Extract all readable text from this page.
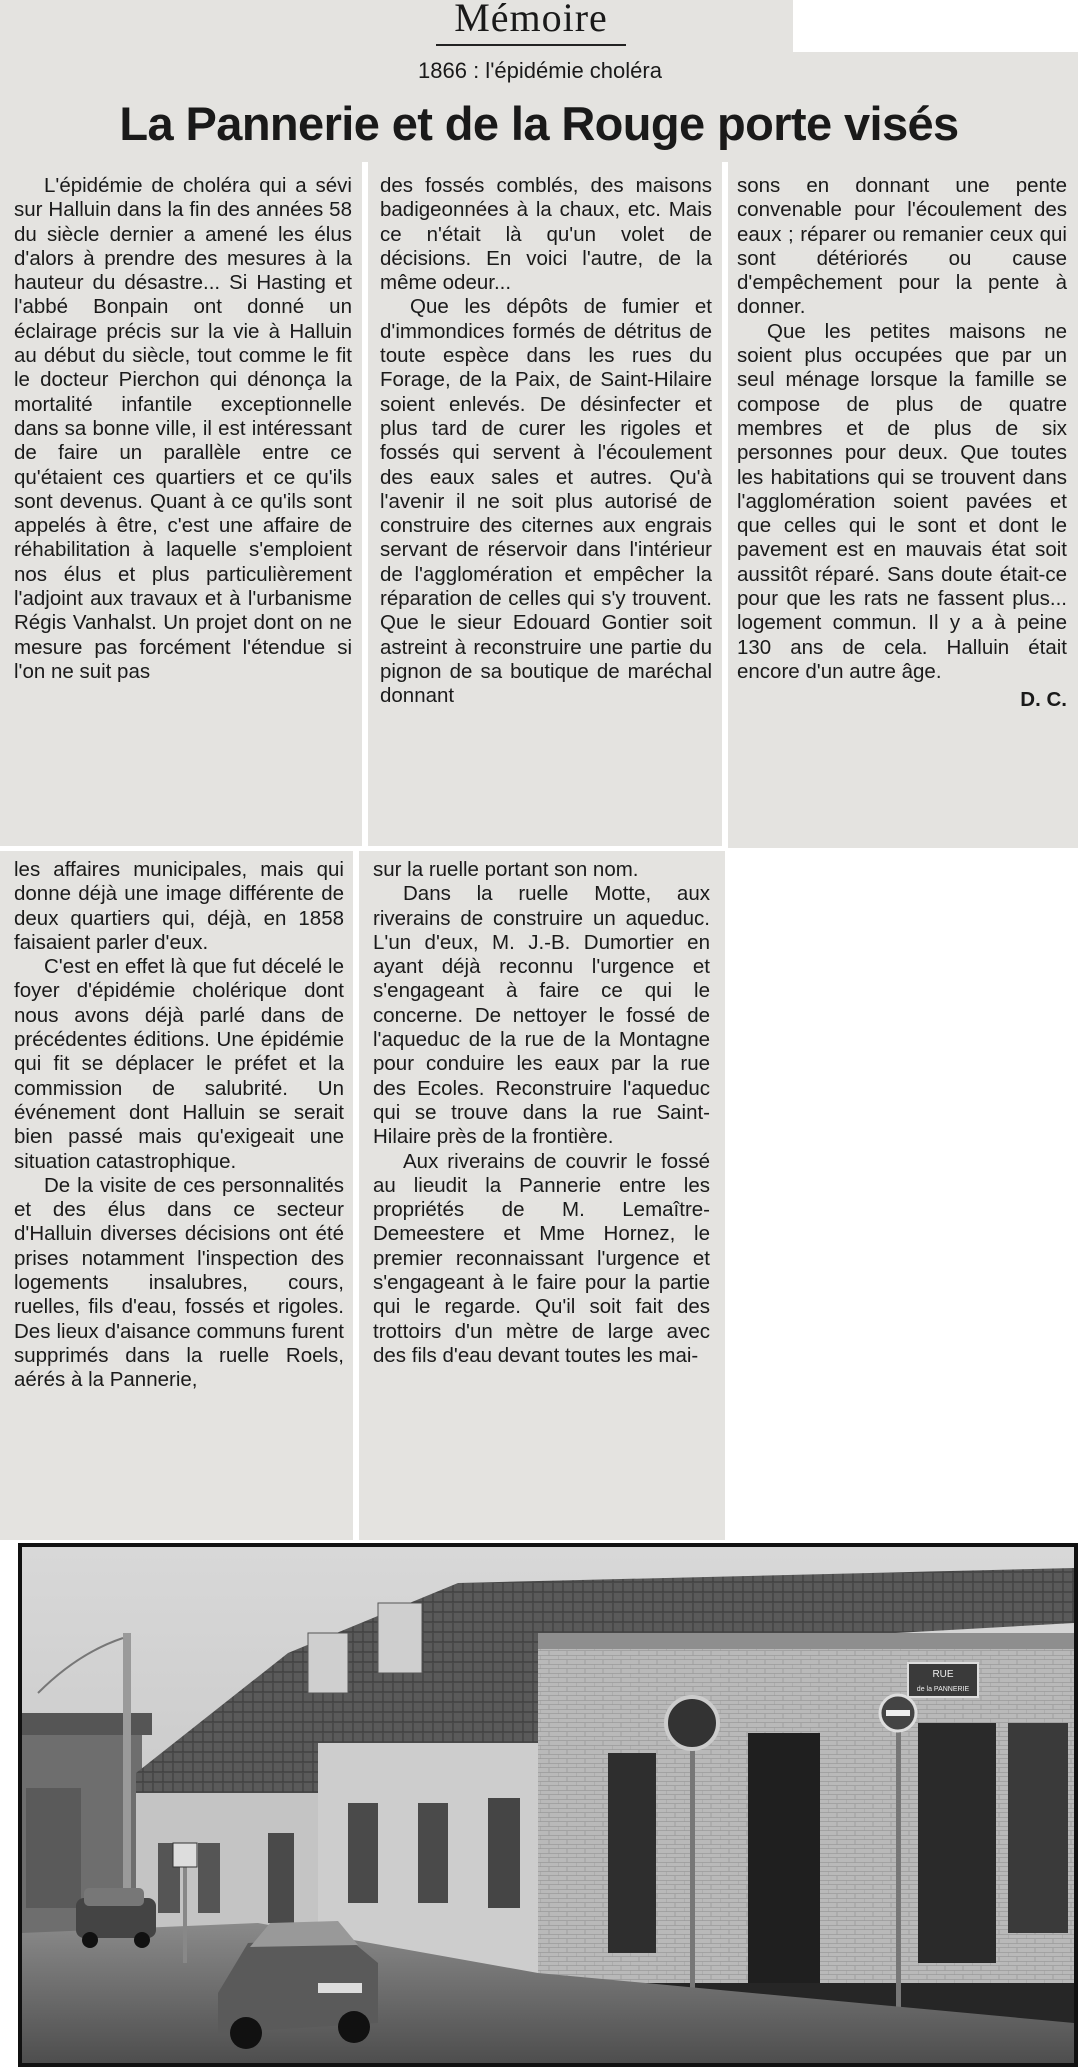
Mémoire
1866 : l'épidémie choléra
La Pannerie et de la Rouge porte visés

L'épidémie de choléra qui a sévi sur Halluin dans la fin des années 58 du siècle dernier a amené les élus d'alors à prendre des mesures à la hauteur du désastre... Si Hasting et l'abbé Bonpain ont donné un éclairage précis sur la vie à Halluin au début du siècle, tout comme le fit le docteur Pierchon qui dénonça la mortalité infantile exceptionnelle dans sa bonne ville, il est intéressant de faire un parallèle entre ce qu'étaient ces quartiers et ce qu'ils sont devenus. Quant à ce qu'ils sont appelés à être, c'est une affaire de réhabilitation à laquelle s'emploient nos élus et plus particulièrement l'adjoint aux travaux et à l'urbanisme Régis Vanhalst. Un projet dont on ne mesure pas forcément l'étendue si l'on ne suit pas

des fossés comblés, des maisons badigeonnées à la chaux, etc. Mais ce n'était là qu'un volet de décisions. En voici l'autre, de la même odeur...

Que les dépôts de fumier et d'immondices formés de détritus de toute espèce dans les rues du Forage, de la Paix, de Saint-Hilaire soient enlevés. De désinfecter et plus tard de curer les rigoles et fossés qui servent à l'écoulement des eaux sales et autres. Qu'à l'avenir il ne soit plus autorisé de construire des citernes aux engrais servant de réservoir dans l'intérieur de l'agglomération et empêcher la réparation de celles qui s'y trouvent. Que le sieur Edouard Gontier soit astreint à reconstruire une partie du pignon de sa boutique de maréchal donnant

sons en donnant une pente convenable pour l'écoulement des eaux ; réparer ou remanier ceux qui sont détériorés ou cause d'empêchement pour la pente à donner.

Que les petites maisons ne soient plus occupées que par un seul ménage lorsque la famille se compose de plus de quatre membres et de plus de six personnes pour deux. Que toutes les habitations qui se trouvent dans l'agglomération soient pavées et que celles qui le sont et dont le pavement est en mauvais état soit aussitôt réparé. Sans doute était-ce pour que les rats ne fassent plus... logement commun. Il y a à peine 130 ans de cela. Halluin était encore d'un autre âge.

D. C.

les affaires municipales, mais qui donne déjà une image différente de deux quartiers qui, déjà, en 1858 faisaient parler d'eux.

C'est en effet là que fut décelé le foyer d'épidémie cholérique dont nous avons déjà parlé dans de précédentes éditions. Une épidémie qui fit se déplacer le préfet et la commission de salubrité. Un événement dont Halluin se serait bien passé mais qu'exigeait une situation catastrophique.

De la visite de ces personnalités et des élus dans ce secteur d'Halluin diverses décisions ont été prises notamment l'inspection des logements insalubres, cours, ruelles, fils d'eau, fossés et rigoles. Des lieux d'aisance communs furent supprimés dans la ruelle Roels, aérés à la Pannerie,

sur la ruelle portant son nom.

Dans la ruelle Motte, aux riverains de construire un aqueduc. L'un d'eux, M. J.-B. Dumortier en ayant déjà reconnu l'urgence et s'engageant à faire ce qui le concerne. De nettoyer le fossé de l'aqueduc de la rue de la Montagne pour conduire les eaux par la rue des Ecoles. Reconstruire l'aqueduc qui se trouve dans la rue Saint-Hilaire près de la frontière.

Aux riverains de couvrir le fossé au lieudit la Pannerie entre les propriétés de M. Lemaître-Demeestere et Mme Hornez, le premier reconnaissant l'urgence et s'engageant à le faire pour la partie qui le regarde. Qu'il soit fait des trottoirs d'un mètre de large avec des fils d'eau devant toutes les mai-

RUE
de la PANNERIE
